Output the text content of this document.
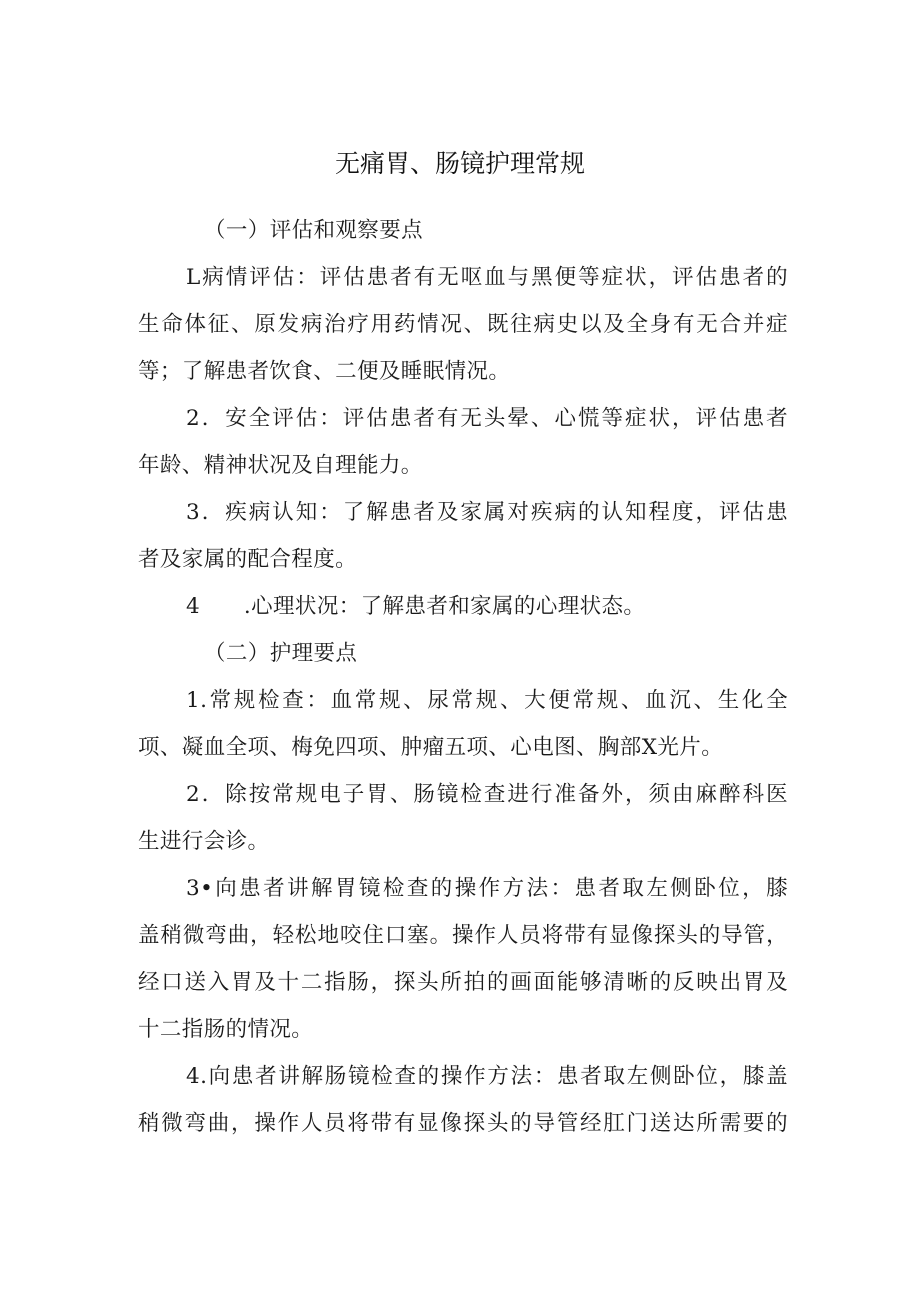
无痛胃、肠镜护理常规
（一）评估和观察要点
L病情评估：评估患者有无呕血与黑便等症状，评估患者的
生命体征、原发病治疗用药情况、既往病史以及全身有无合并症
等；了解患者饮食、二便及睡眠情况。
2．安全评估：评估患者有无头晕、心慌等症状，评估患者
年龄、精神状况及自理能力。
3．疾病认知：了解患者及家属对疾病的认知程度，评估患
者及家属的配合程度。
4　　.心理状况：了解患者和家属的心理状态。
（二）护理要点
1.常规检查：血常规、尿常规、大便常规、血沉、生化全
项、凝血全项、梅免四项、肿瘤五项、心电图、胸部X光片。
2．除按常规电子胃、肠镜检查进行准备外，须由麻醉科医
生进行会诊。
3•向患者讲解胃镜检查的操作方法：患者取左侧卧位，膝
盖稍微弯曲，轻松地咬住口塞。操作人员将带有显像探头的导管，
经口送入胃及十二指肠，探头所拍的画面能够清晰的反映出胃及
十二指肠的情况。
4.向患者讲解肠镜检查的操作方法：患者取左侧卧位，膝盖
稍微弯曲，操作人员将带有显像探头的导管经肛门送达所需要的
